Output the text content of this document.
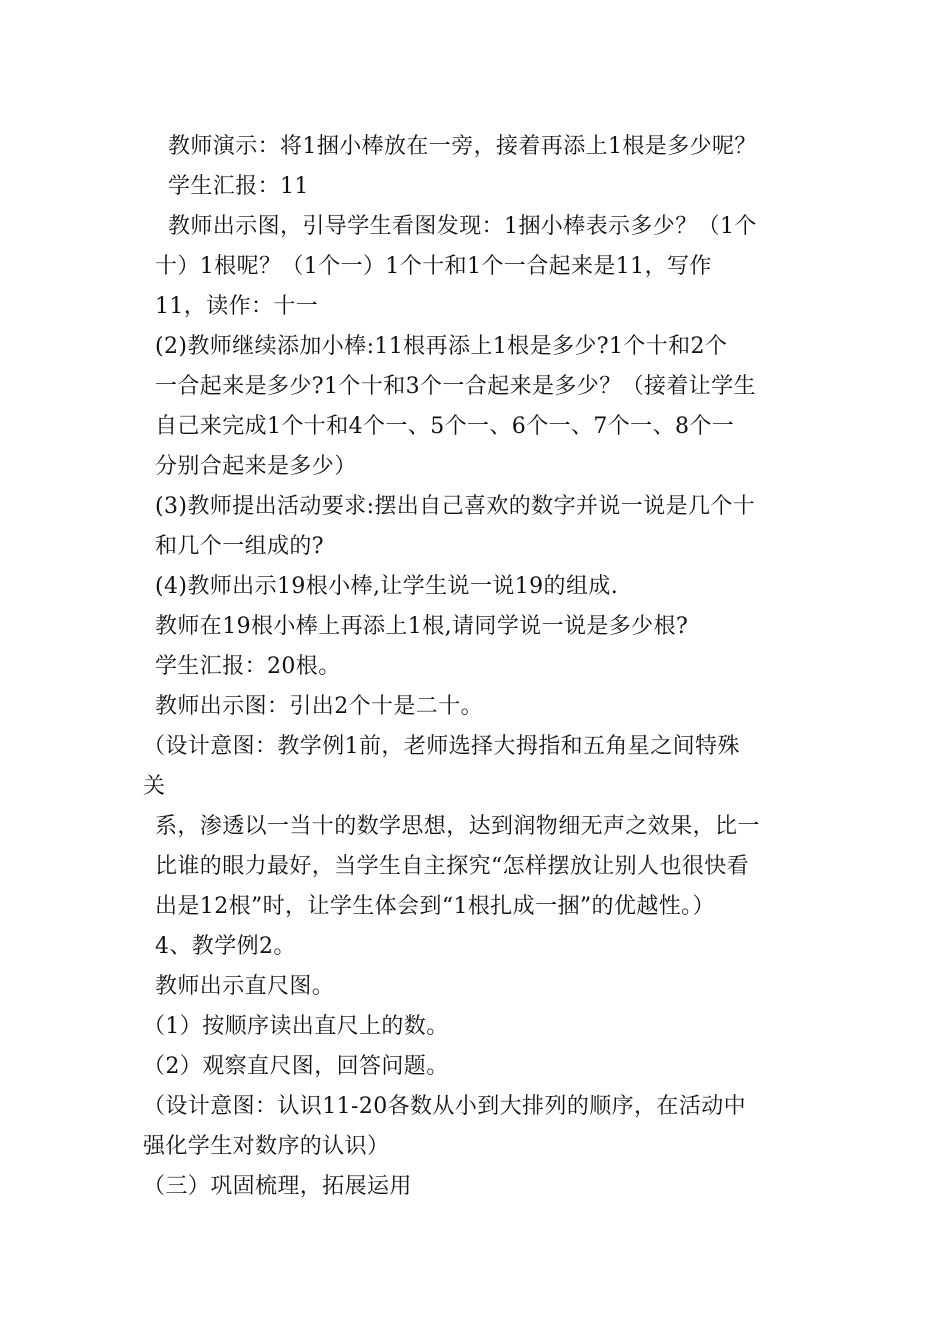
教师演示：将1捆小棒放在一旁，接着再添上1根是多少呢？
学生汇报：11
教师出示图，引导学生看图发现：1捆小棒表示多少？（1个
十）1根呢？（1个一）1个十和1个一合起来是11，写作
11，读作：十一
(2)教师继续添加小棒:11根再添上1根是多少?1个十和2个
一合起来是多少?1个十和3个一合起来是多少？（接着让学生
自己来完成1个十和4个一、5个一、6个一、7个一、8个一
分别合起来是多少）
(3)教师提出活动要求:摆出自己喜欢的数字并说一说是几个十
和几个一组成的?
(4)教师出示19根小棒,让学生说一说19的组成.
教师在19根小棒上再添上1根,请同学说一说是多少根?
学生汇报：20根。
教师出示图：引出2个十是二十。
（设计意图：教学例1前，老师选择大拇指和五角星之间特殊
关
系，渗透以一当十的数学思想，达到润物细无声之效果，比一
比谁的眼力最好，当学生自主探究“怎样摆放让别人也很快看
出是12根”时，让学生体会到“1根扎成一捆”的优越性。）
4、教学例2。
教师出示直尺图。
（1）按顺序读出直尺上的数。
（2）观察直尺图，回答问题。
（设计意图：认识11-20各数从小到大排列的顺序，在活动中
强化学生对数序的认识）
（三）巩固梳理，拓展运用
